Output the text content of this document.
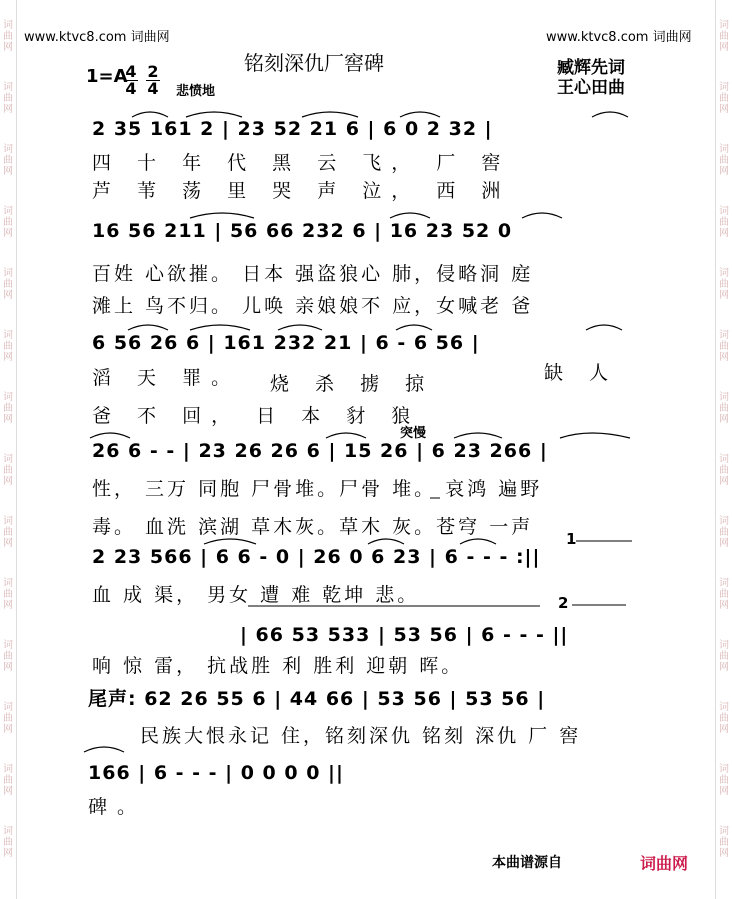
www.ktvc8.com 词曲网	www.ktvc8.com 词曲网
铭刻深仇厂窖碑	臧辉先词
王心田曲
1=A
$\frac{4}{4} \frac{2}{4}$ 悲愤地
2 35 161 2 | 23 52 21 6 | 6 0 2 32 |
四 十 年 代 黑 云 飞， 厂 窖
芦 苇 荡 里 哭 声 泣， 西 洲
16 56 211 | 56 66 232 6 | 16 23 52 0
百姓 心欲摧。 日本 强盗狼心 肺，侵略洞 庭
滩上 鸟不归。 儿唤 亲娘娘不 应，女喊老 爸
6 56 26 6 | 161 232 21 | 6 - 6 56 |
滔 天 罪。 烧 杀 掳 掠	缺 人
爸 不 回， 日 本 豺 狼
突慢
26 6 - - | 23 26 26 6 | 15 26 | 6 23 266 |
性， 三万 同胞 尸骨堆。尸骨 堆。 哀鸿 遍野
毒。 血洗 滨湖 草木灰。草木 灰。苍穹 一声
2 23 566 | 6 6 - 0 | 26 0 6 23 | 6 - - - :||
1
血 成 渠， 男女 遭 难 乾坤 悲。	2
| 66 53 533 | 53 56 | 6 - - - ||
响 惊 雷， 抗战胜 利 胜利 迎朝 晖。
尾声: 62 26 55 6 | 44 66 | 53 56 | 53 56 |
民族大恨永记 住，铭刻深仇 铭刻 深仇 厂 窖
166 | 6 - - - | 0 0 0 0 ||
碑。
本曲谱源自	词曲网
词
曲
网
词
曲
网
词
曲
网
词
曲
网
词
曲
网
词
曲
网
词
曲
网
词
曲
网
词
曲
网
词
曲
网
词
曲
网
词
曲
网
词
曲
网
词
曲
网
词
曲
网
词
曲
网
词
曲
网
词
曲
网
词
曲
网
词
曲
网
词
曲
网
词
曲
网
词
曲
网
词
曲
网
词
曲
网
词
曲
网
词
曲
网
词
曲
网
